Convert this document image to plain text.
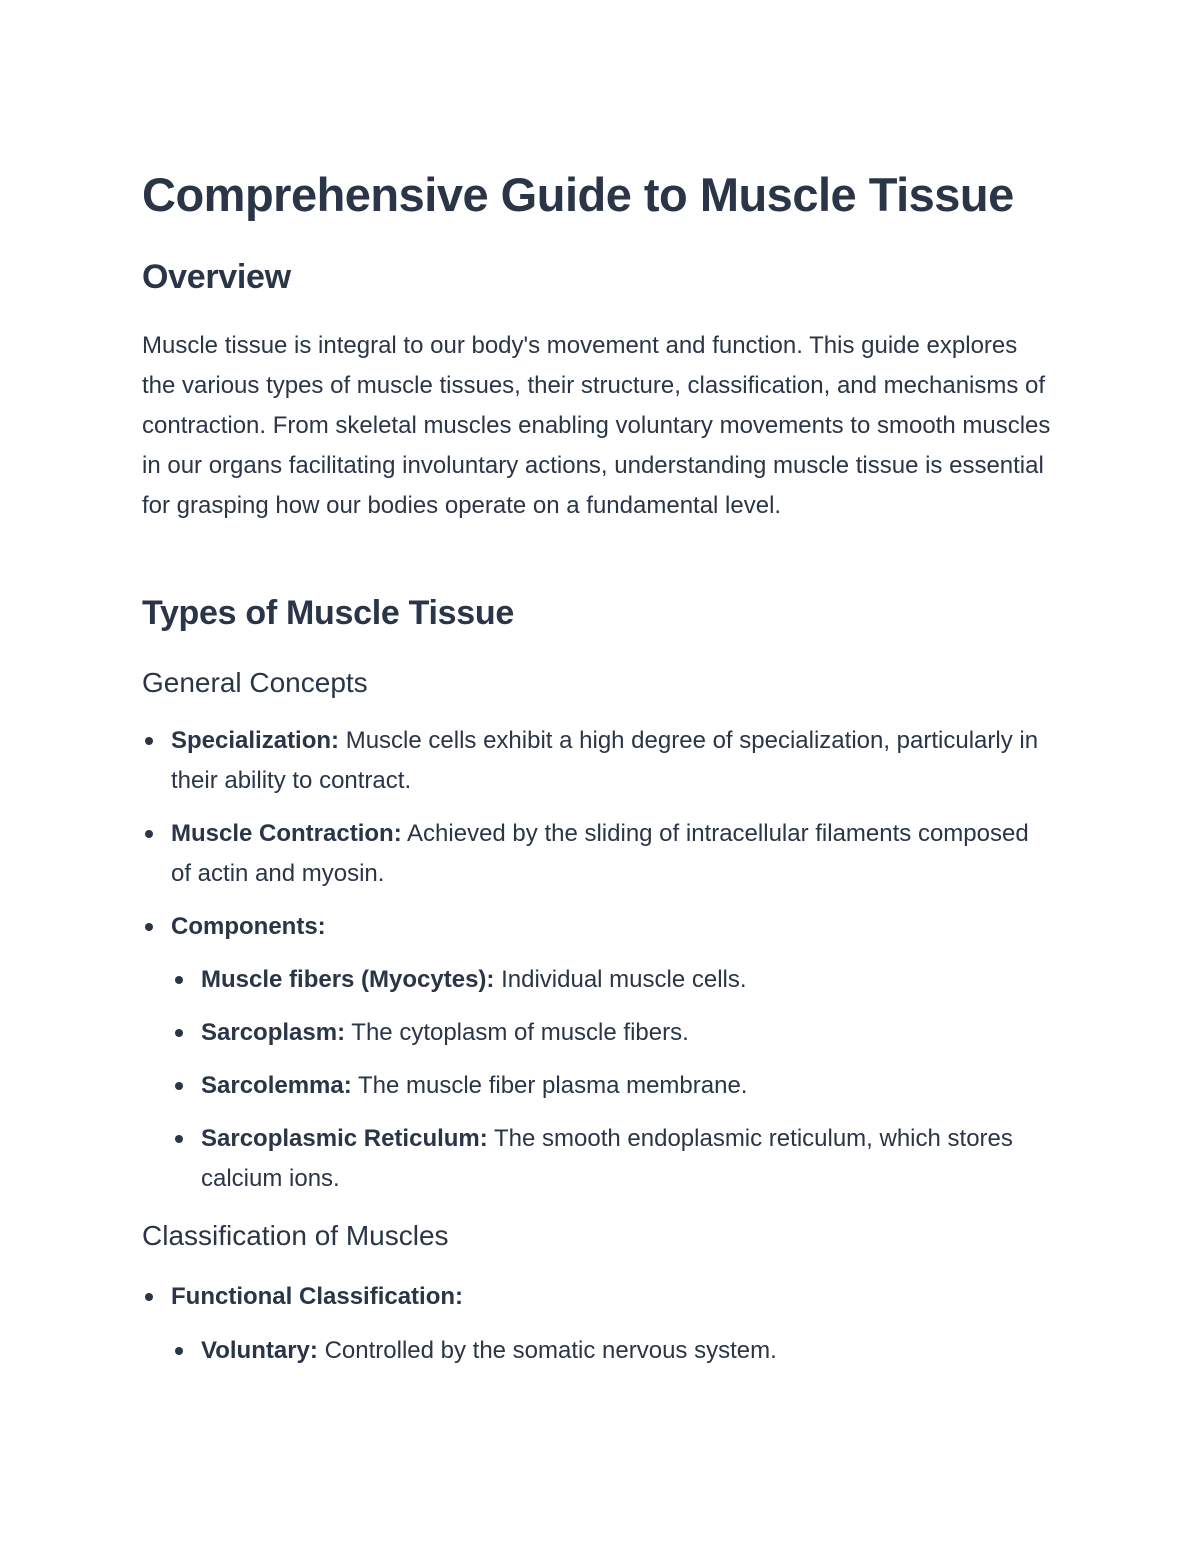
Comprehensive Guide to Muscle Tissue
Overview

Muscle tissue is integral to our body's movement and function. This guide explores the various types of muscle tissues, their structure, classification, and mechanisms of contraction. From skeletal muscles enabling voluntary movements to smooth muscles in our organs facilitating involuntary actions, understanding muscle tissue is essential for grasping how our bodies operate on a fundamental level.

Types of Muscle Tissue
General Concepts
Specialization: Muscle cells exhibit a high degree of specialization, particularly in their ability to contract.
Muscle Contraction: Achieved by the sliding of intracellular filaments composed of actin and myosin.
Components:
Muscle fibers (Myocytes): Individual muscle cells.
Sarcoplasm: The cytoplasm of muscle fibers.
Sarcolemma: The muscle fiber plasma membrane.
Sarcoplasmic Reticulum: The smooth endoplasmic reticulum, which stores calcium ions.
Classification of Muscles
Functional Classification:
Voluntary: Controlled by the somatic nervous system.
